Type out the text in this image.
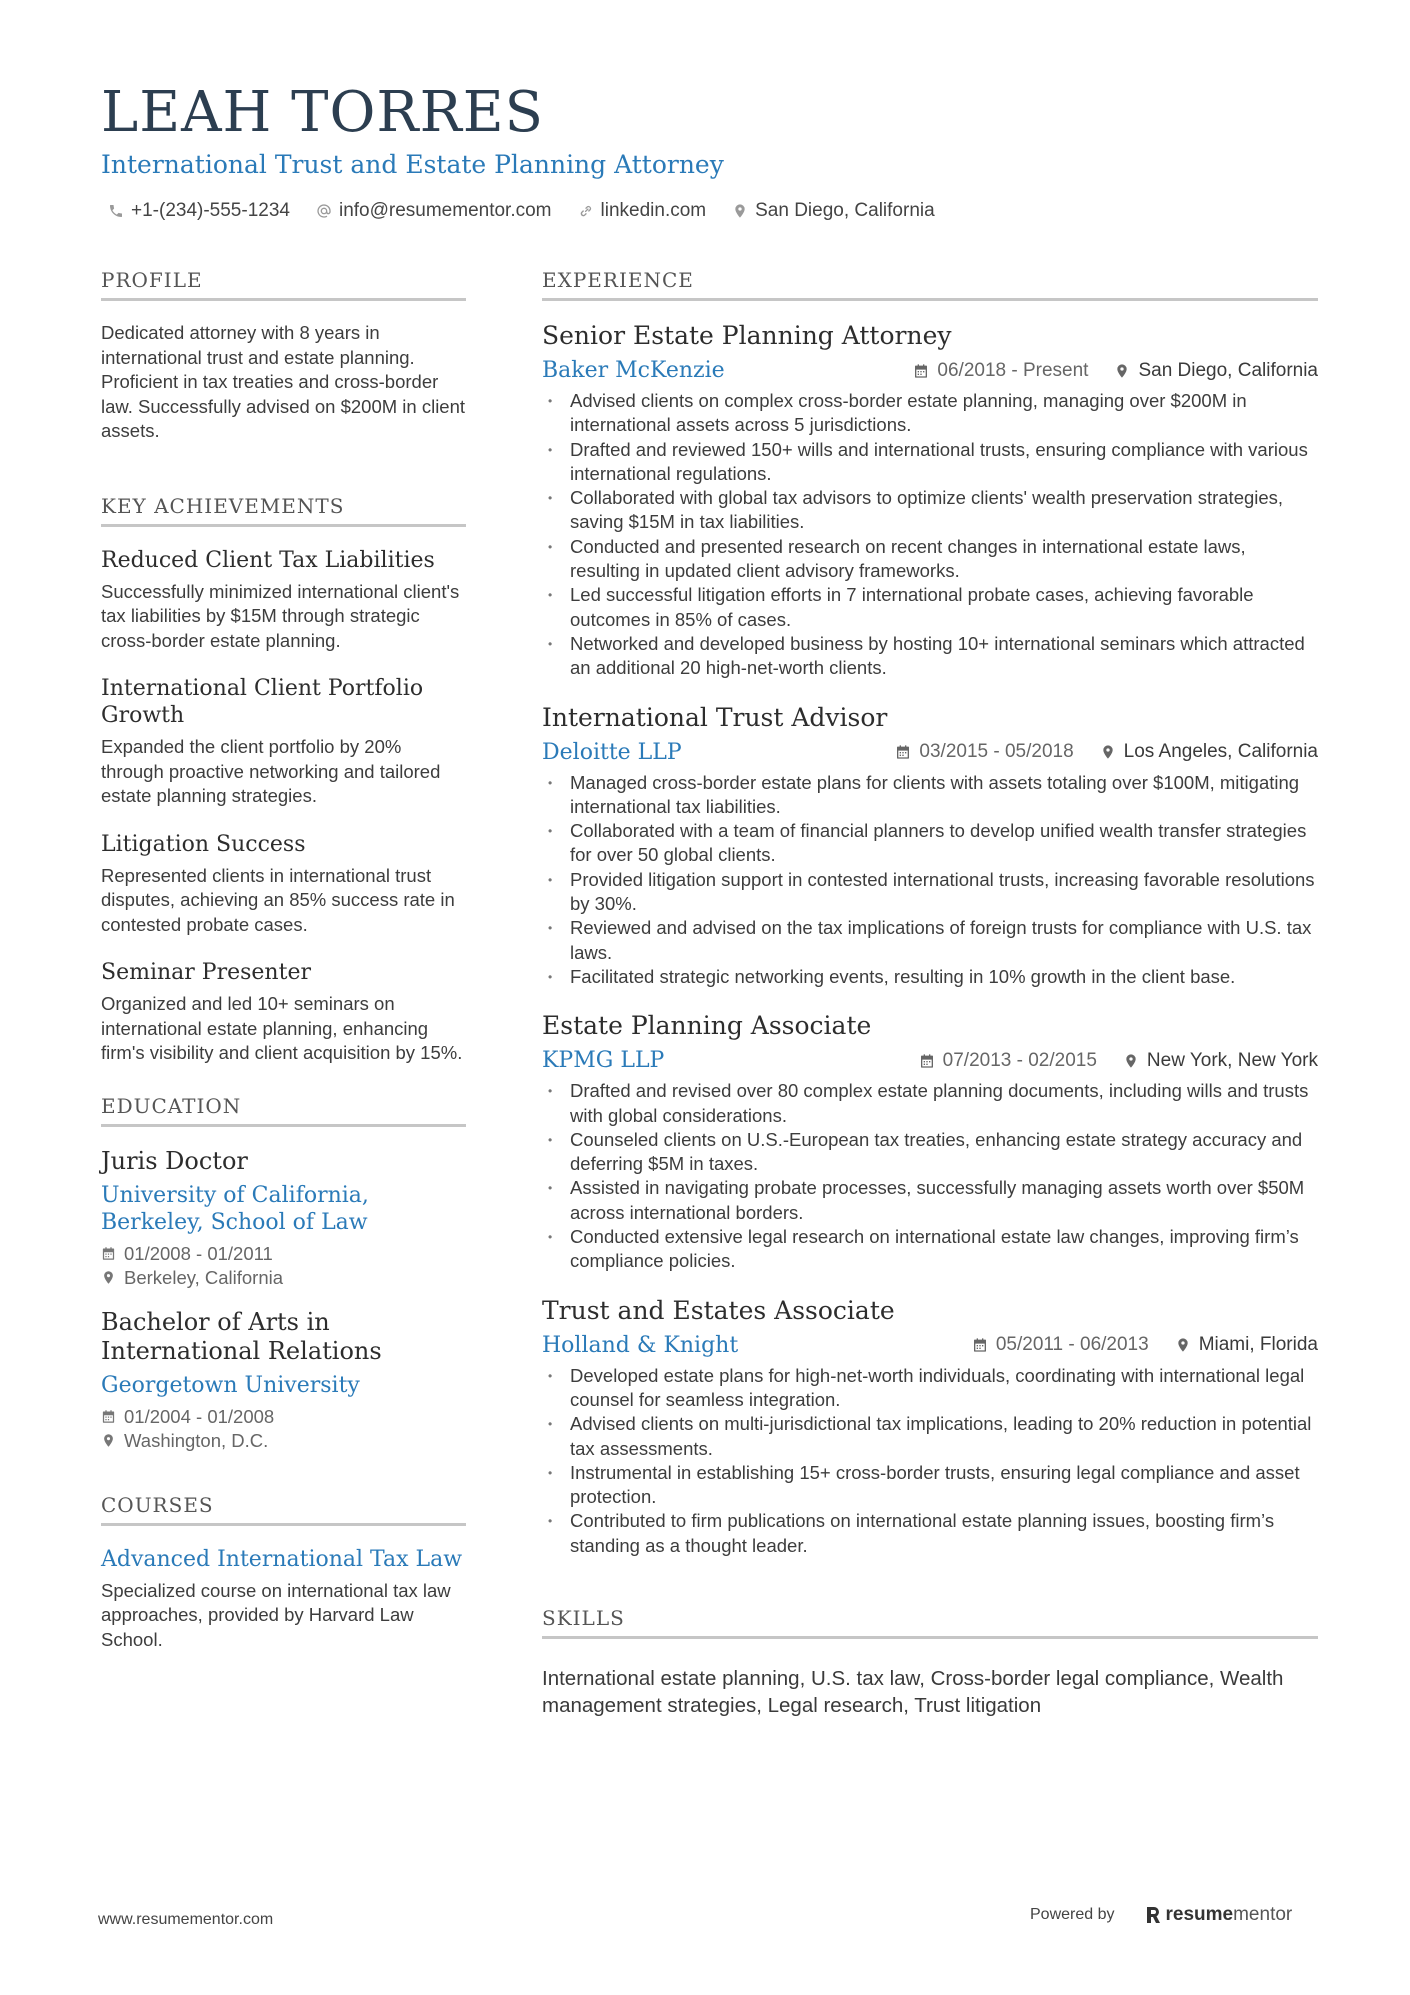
LEAH TORRES
International Trust and Estate Planning Attorney
+1-(234)-555-1234	info@resumementor.com	linkedin.com	San Diego, California
PROFILE
Dedicated attorney with 8 years in international trust and estate planning. Proficient in tax treaties and cross-border law. Successfully advised on $200M in client assets.
KEY ACHIEVEMENTS
Reduced Client Tax Liabilities
Successfully minimized international client's tax liabilities by $15M through strategic cross-border estate planning.
International Client Portfolio Growth
Expanded the client portfolio by 20% through proactive networking and tailored estate planning strategies.
Litigation Success
Represented clients in international trust disputes, achieving an 85% success rate in contested probate cases.
Seminar Presenter
Organized and led 10+ seminars on international estate planning, enhancing firm's visibility and client acquisition by 15%.
EDUCATION
Juris Doctor
University of California, Berkeley, School of Law
01/2008 - 01/2011
Berkeley, California
Bachelor of Arts in International Relations
Georgetown University
01/2004 - 01/2008
Washington, D.C.
COURSES
Advanced International Tax Law
Specialized course on international tax law approaches, provided by Harvard Law School.
EXPERIENCE
Senior Estate Planning Attorney
Baker McKenzie	06/2018 - Present	San Diego, California
• Advised clients on complex cross-border estate planning, managing over $200M in international assets across 5 jurisdictions.
• Drafted and reviewed 150+ wills and international trusts, ensuring compliance with various international regulations.
• Collaborated with global tax advisors to optimize clients' wealth preservation strategies, saving $15M in tax liabilities.
• Conducted and presented research on recent changes in international estate laws, resulting in updated client advisory frameworks.
• Led successful litigation efforts in 7 international probate cases, achieving favorable outcomes in 85% of cases.
• Networked and developed business by hosting 10+ international seminars which attracted an additional 20 high-net-worth clients.
International Trust Advisor
Deloitte LLP	03/2015 - 05/2018	Los Angeles, California
• Managed cross-border estate plans for clients with assets totaling over $100M, mitigating international tax liabilities.
• Collaborated with a team of financial planners to develop unified wealth transfer strategies for over 50 global clients.
• Provided litigation support in contested international trusts, increasing favorable resolutions by 30%.
• Reviewed and advised on the tax implications of foreign trusts for compliance with U.S. tax laws.
• Facilitated strategic networking events, resulting in 10% growth in the client base.
Estate Planning Associate
KPMG LLP	07/2013 - 02/2015	New York, New York
• Drafted and revised over 80 complex estate planning documents, including wills and trusts with global considerations.
• Counseled clients on U.S.-European tax treaties, enhancing estate strategy accuracy and deferring $5M in taxes.
• Assisted in navigating probate processes, successfully managing assets worth over $50M across international borders.
• Conducted extensive legal research on international estate law changes, improving firm’s compliance policies.
Trust and Estates Associate
Holland & Knight	05/2011 - 06/2013	Miami, Florida
• Developed estate plans for high-net-worth individuals, coordinating with international legal counsel for seamless integration.
• Advised clients on multi-jurisdictional tax implications, leading to 20% reduction in potential tax assessments.
• Instrumental in establishing 15+ cross-border trusts, ensuring legal compliance and asset protection.
• Contributed to firm publications on international estate planning issues, boosting firm’s standing as a thought leader.
SKILLS
International estate planning, U.S. tax law, Cross-border legal compliance, Wealth management strategies, Legal research, Trust litigation
www.resumementor.com	Powered by	resume mentor
